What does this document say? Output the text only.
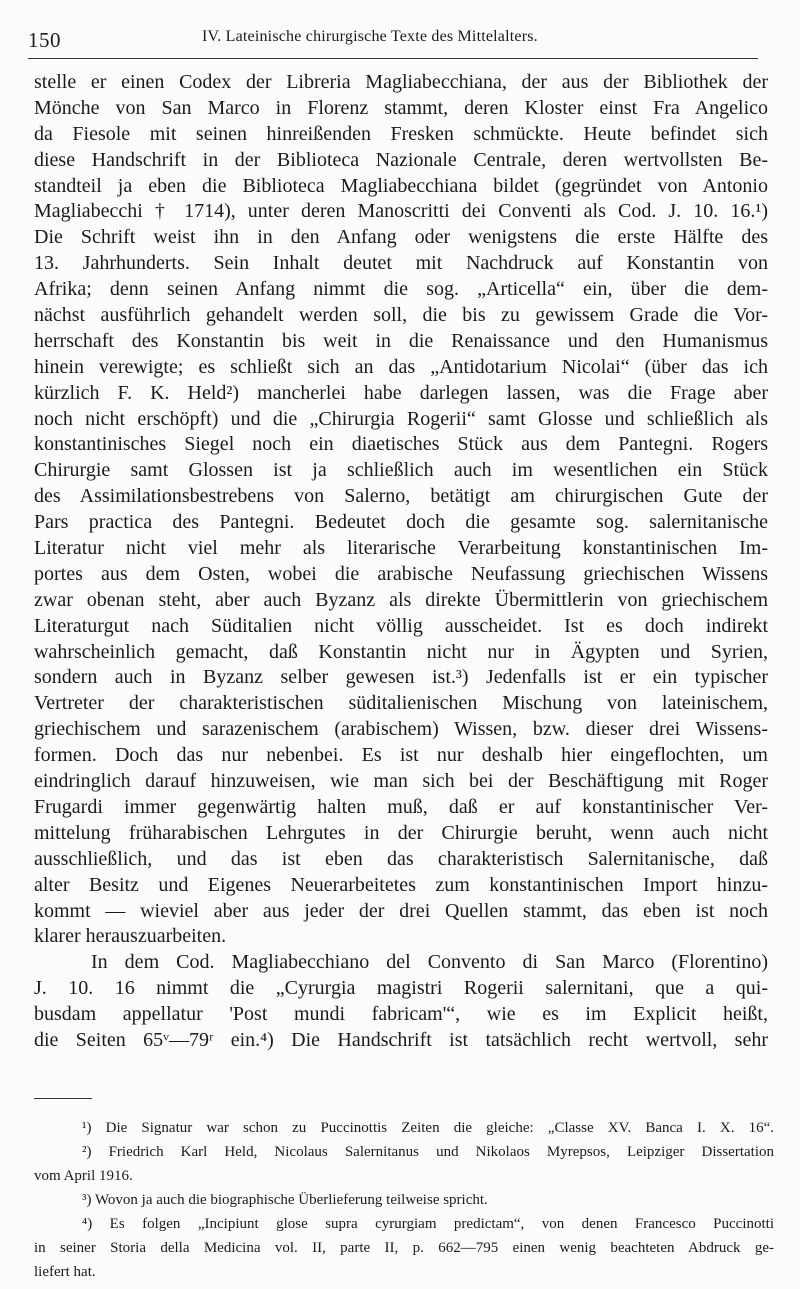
150	IV. Lateinische chirurgische Texte des Mittelalters.
stelle er einen Codex der Libreria Magliabecchiana, der aus der Bibliothek der
Mönche von San Marco in Florenz stammt, deren Kloster einst Fra Angelico
da Fiesole mit seinen hinreißenden Fresken schmückte. Heute befindet sich
diese Handschrift in der Biblioteca Nazionale Centrale, deren wertvollsten Be-
standteil ja eben die Biblioteca Magliabecchiana bildet (gegründet von Antonio
Magliabecchi † 1714), unter deren Manoscritti dei Conventi als Cod. J. 10. 16.¹)
Die Schrift weist ihn in den Anfang oder wenigstens die erste Hälfte des
13. Jahrhunderts. Sein Inhalt deutet mit Nachdruck auf Konstantin von
Afrika; denn seinen Anfang nimmt die sog. „Articella“ ein, über die dem-
nächst ausführlich gehandelt werden soll, die bis zu gewissem Grade die Vor-
herrschaft des Konstantin bis weit in die Renaissance und den Humanismus
hinein verewigte; es schließt sich an das „Antidotarium Nicolai“ (über das ich
kürzlich F. K. Held²) mancherlei habe darlegen lassen, was die Frage aber
noch nicht erschöpft) und die „Chirurgia Rogerii“ samt Glosse und schließlich als
konstantinisches Siegel noch ein diaetisches Stück aus dem Pantegni. Rogers
Chirurgie samt Glossen ist ja schließlich auch im wesentlichen ein Stück
des Assimilationsbestrebens von Salerno, betätigt am chirurgischen Gute der
Pars practica des Pantegni. Bedeutet doch die gesamte sog. salernitanische
Literatur nicht viel mehr als literarische Verarbeitung konstantinischen Im-
portes aus dem Osten, wobei die arabische Neufassung griechischen Wissens
zwar obenan steht, aber auch Byzanz als direkte Übermittlerin von griechischem
Literaturgut nach Süditalien nicht völlig ausscheidet. Ist es doch indirekt
wahrscheinlich gemacht, daß Konstantin nicht nur in Ägypten und Syrien,
sondern auch in Byzanz selber gewesen ist.³) Jedenfalls ist er ein typischer
Vertreter der charakteristischen süditalienischen Mischung von lateinischem,
griechischem und sarazenischem (arabischem) Wissen, bzw. dieser drei Wissens-
formen. Doch das nur nebenbei. Es ist nur deshalb hier eingeflochten, um
eindringlich darauf hinzuweisen, wie man sich bei der Beschäftigung mit Roger
Frugardi immer gegenwärtig halten muß, daß er auf konstantinischer Ver-
mittelung früharabischen Lehrgutes in der Chirurgie beruht, wenn auch nicht
ausschließlich, und das ist eben das charakteristisch Salernitanische, daß
alter Besitz und Eigenes Neuerarbeitetes zum konstantinischen Import hinzu-
kommt — wieviel aber aus jeder der drei Quellen stammt, das eben ist noch
klarer herauszuarbeiten.
In dem Cod. Magliabecchiano del Convento di San Marco (Florentino)
J. 10. 16 nimmt die „Cyrurgia magistri Rogerii salernitani, que a qui-
busdam appellatur 'Post mundi fabricam'“, wie es im Explicit heißt,
die Seiten 65ᵛ—79ʳ ein.⁴) Die Handschrift ist tatsächlich recht wertvoll, sehr
¹) Die Signatur war schon zu Puccinottis Zeiten die gleiche: „Classe XV. Banca I. X. 16“.
²) Friedrich Karl Held, Nicolaus Salernitanus und Nikolaos Myrepsos, Leipziger Dissertation
vom April 1916.
³) Wovon ja auch die biographische Überlieferung teilweise spricht.
⁴) Es folgen „Incipiunt glose supra cyrurgiam predictam“, von denen Francesco Puccinotti
in seiner Storia della Medicina vol. II, parte II, p. 662—795 einen wenig beachteten Abdruck ge-
liefert hat.
